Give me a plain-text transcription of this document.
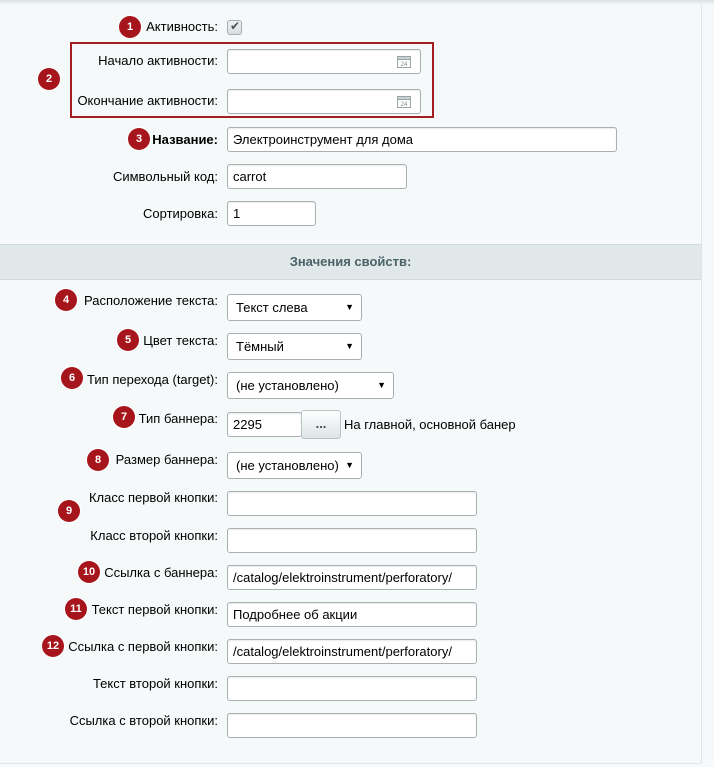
Активность: ✔
Начало активности:	24
Окончание активности:	24
Название:	Электроинструмент для дома
Символьный код:	carrot
Сортировка:	1
Значения свойств:
Расположение текста:	Текст слева	▼
Цвет текста:	Тёмный	▼
Тип перехода (target):	(не установлено)	▼
Тип баннера:	2295	...	На главной, основной банер
Размер баннера:	(не установлено) ▼
Класс первой кнопки:
Класс второй кнопки:
Ссылка с баннера:	/catalog/elektroinstrument/perforatory/
Текст первой кнопки:	Подробнее об акции
Ссылка с первой кнопки:	/catalog/elektroinstrument/perforatory/
Текст второй кнопки:
Ссылка с второй кнопки:
1
2
3
4
5
6
7
8
9
10
11
12
